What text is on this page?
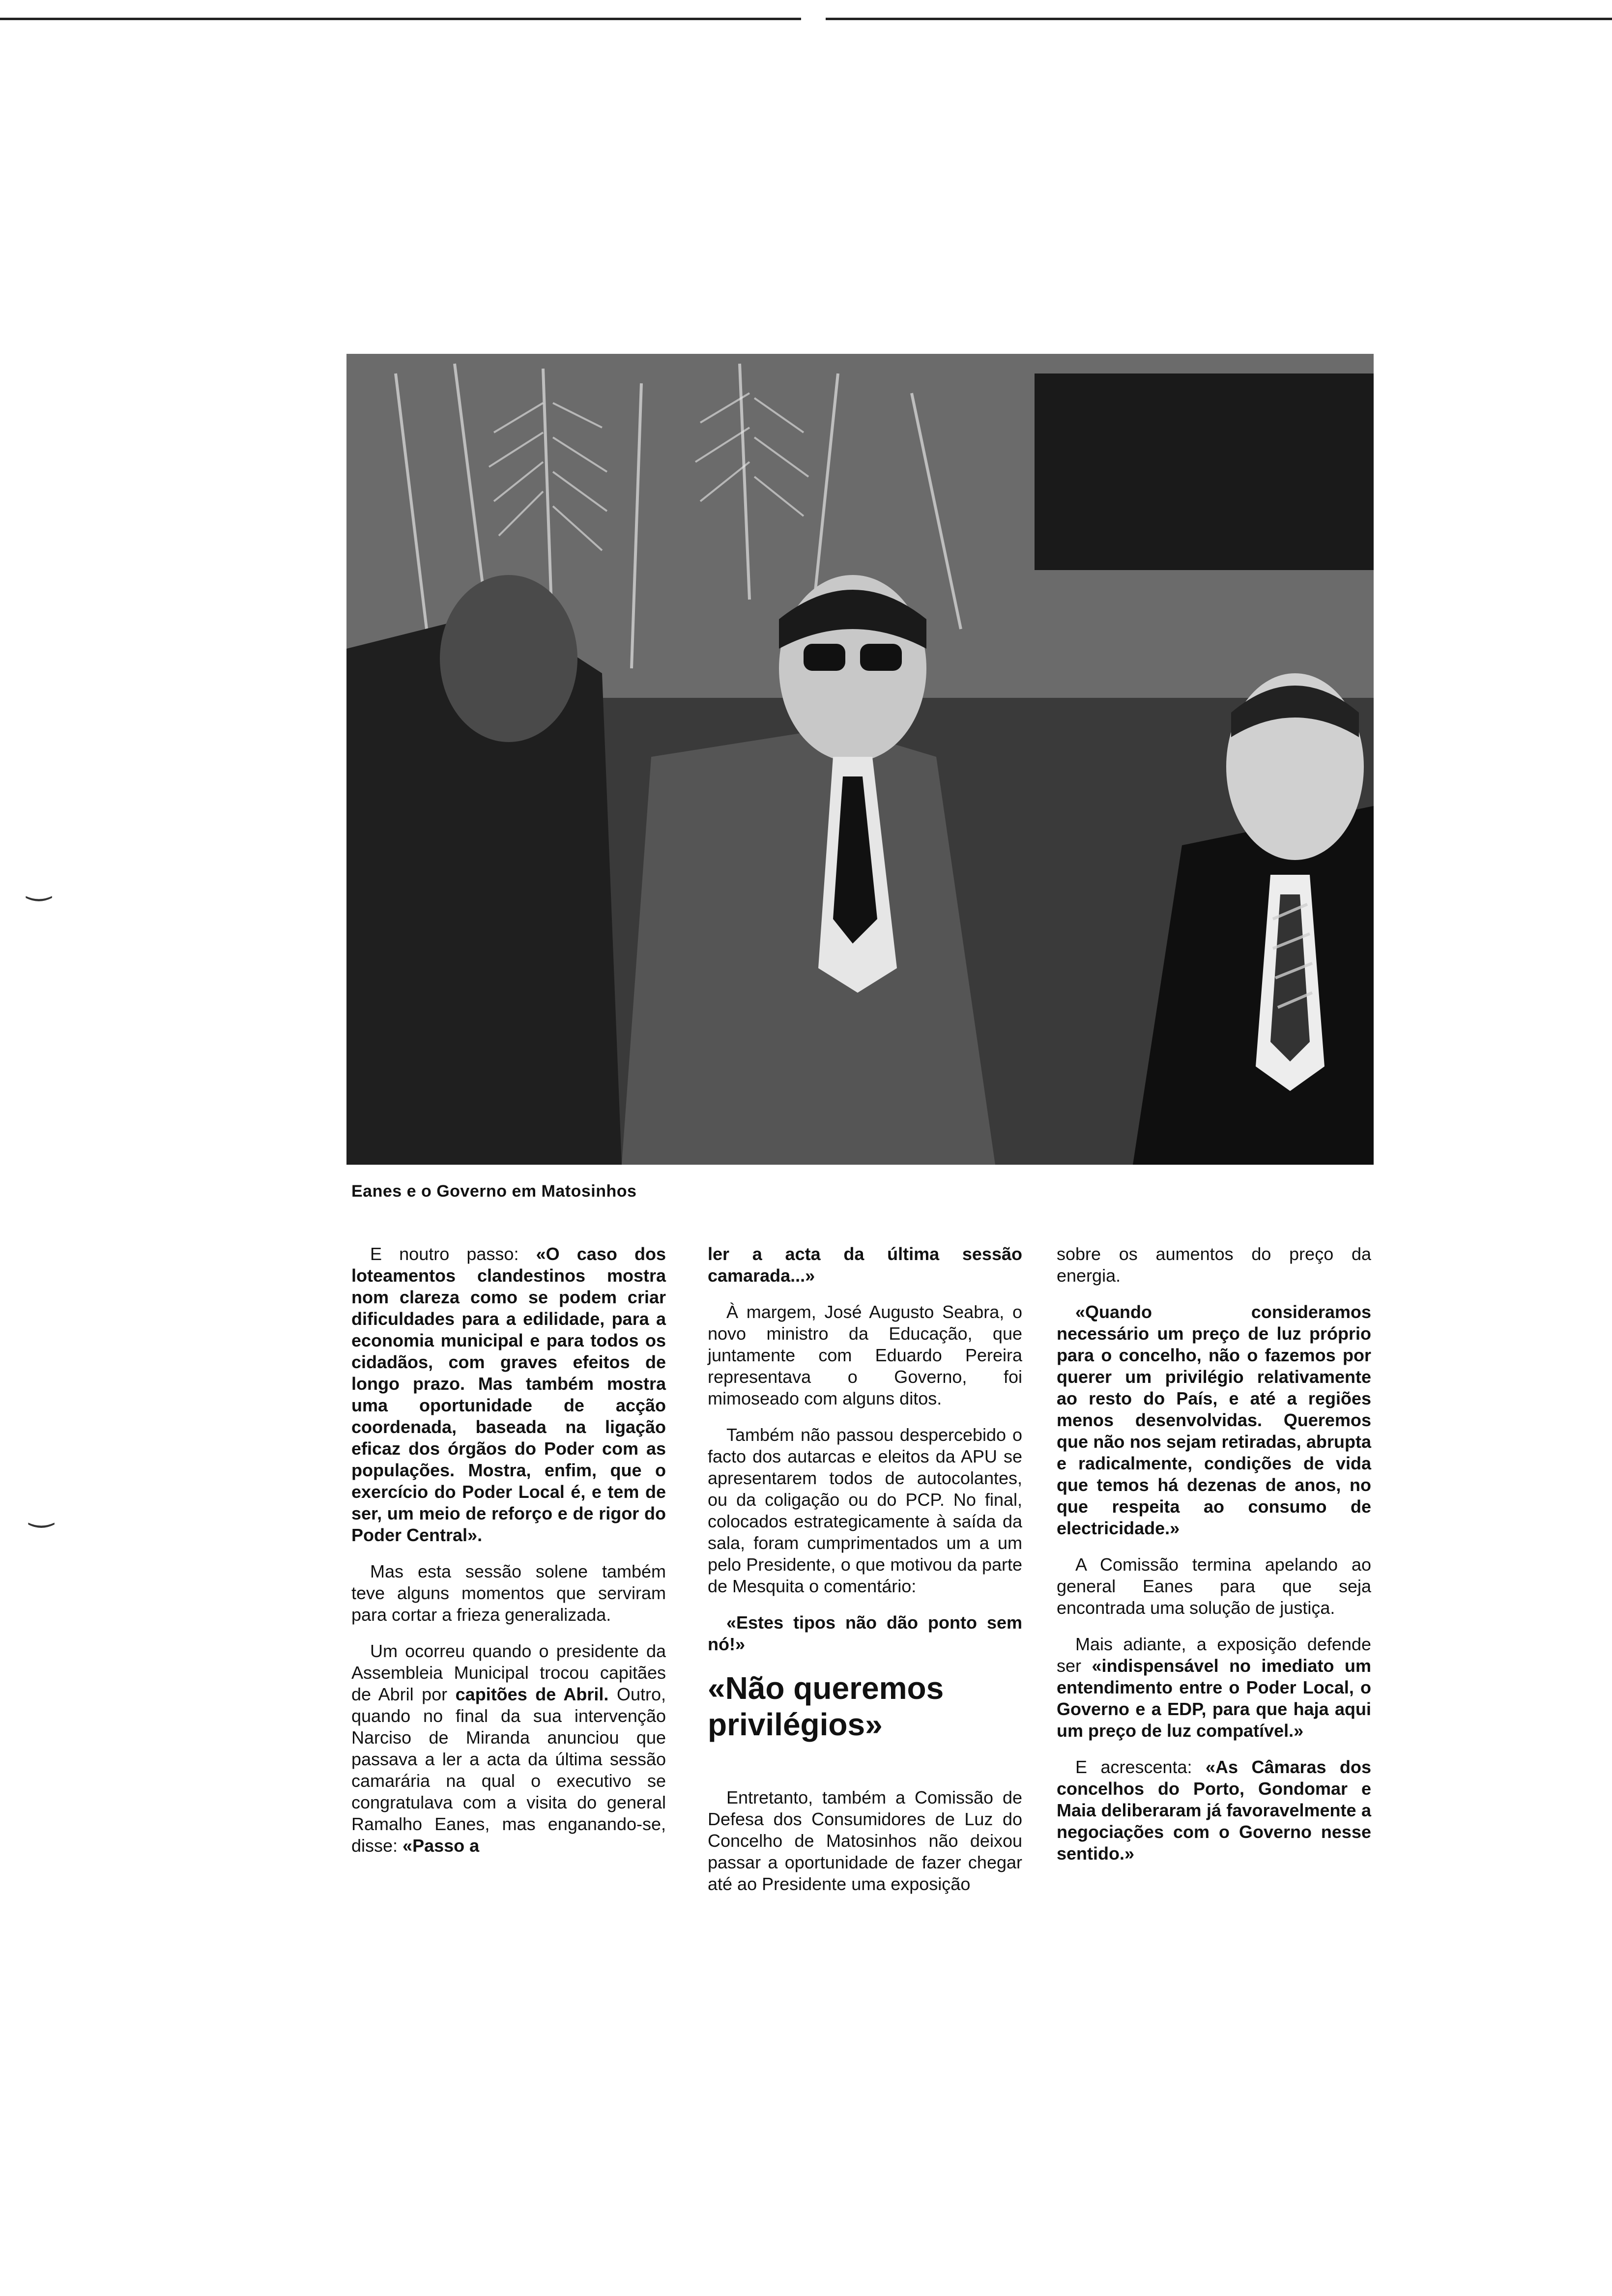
‿
‿
Eanes e o Governo em Matosinhos

E noutro passo: «O caso dos loteamentos clandestinos mostra nom clareza como se podem criar dificuldades para a edilidade, para a economia municipal e para todos os cidadãos, com graves efeitos de longo prazo. Mas também mostra uma oportunidade de acção coordenada, baseada na ligação eficaz dos órgãos do Poder com as populações. Mostra, enfim, que o exercício do Poder Local é, e tem de ser, um meio de reforço e de rigor do Poder Central».

Mas esta sessão solene também teve alguns momentos que serviram para cortar a frieza generalizada.

Um ocorreu quando o presidente da Assembleia Municipal trocou capitães de Abril por capitões de Abril. Outro, quando no final da sua intervenção Narciso de Miranda anunciou que passava a ler a acta da última sessão camarária na qual o executivo se congratulava com a visita do general Ramalho Eanes, mas enganando-se, disse: «Passo a

ler a acta da última sessão camarada...»

À margem, José Augusto Seabra, o novo ministro da Educação, que juntamente com Eduardo Pereira representava o Governo, foi mimoseado com alguns ditos.

Também não passou despercebido o facto dos autarcas e eleitos da APU se apresentarem todos de autocolantes, ou da coligação ou do PCP. No final, colocados estrategicamente à saída da sala, foram cumprimentados um a um pelo Presidente, o que motivou da parte de Mesquita o comentário:

«Estes tipos não dão ponto sem nó!»

«Não queremos privilégios»

Entretanto, também a Comissão de Defesa dos Consumidores de Luz do Concelho de Matosinhos não deixou passar a oportunidade de fazer chegar até ao Presidente uma exposição

sobre os aumentos do preço da energia.

«Quando consideramos necessário um preço de luz próprio para o concelho, não o fazemos por querer um privilégio relativamente ao resto do País, e até a regiões menos desenvolvidas. Queremos que não nos sejam retiradas, abrupta e radicalmente, condições de vida que temos há dezenas de anos, no que respeita ao consumo de electricidade.»

A Comissão termina apelando ao general Eanes para que seja encontrada uma solução de justiça.

Mais adiante, a exposição defende ser «indispensável no imediato um entendimento entre o Poder Local, o Governo e a EDP, para que haja aqui um preço de luz compatível.»

E acrescenta: «As Câmaras dos concelhos do Porto, Gondomar e Maia deliberaram já favoravelmente a negociações com o Governo nesse sentido.»
